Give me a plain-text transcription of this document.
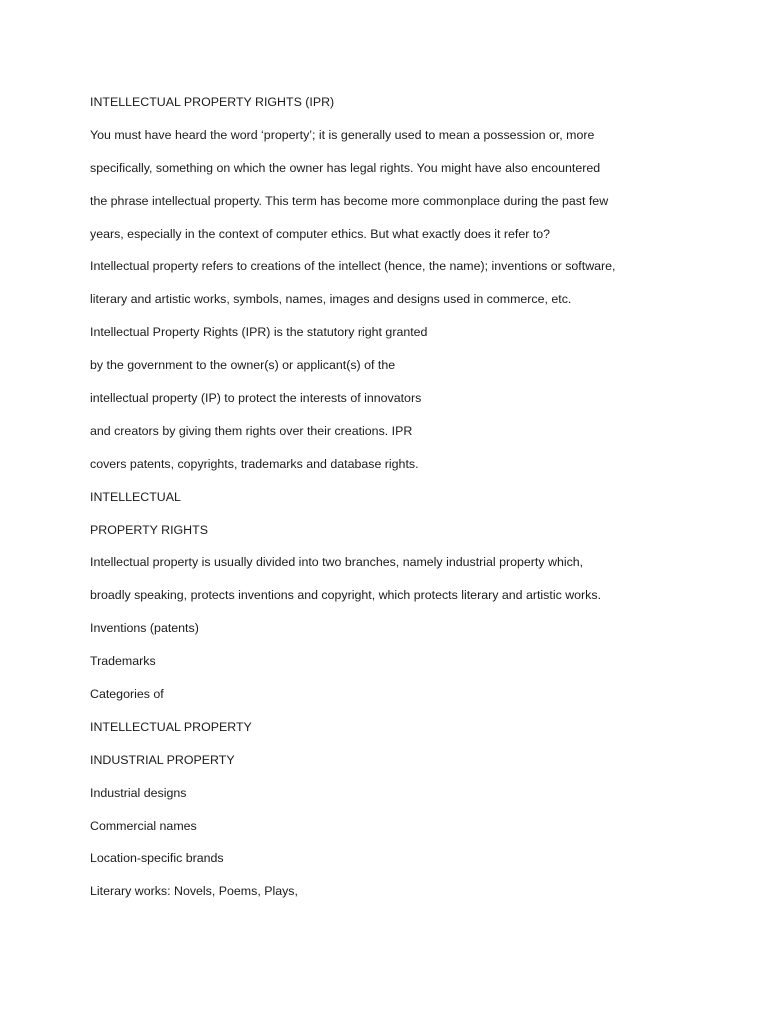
INTELLECTUAL PROPERTY RIGHTS (IPR)
You must have heard the word ‘property’; it is generally used to mean a possession or, more
specifically, something on which the owner has legal rights. You might have also encountered
the phrase intellectual property. This term has become more commonplace during the past few
years, especially in the context of computer ethics. But what exactly does it refer to?
Intellectual property refers to creations of the intellect (hence, the name); inventions or software,
literary and artistic works, symbols, names, images and designs used in commerce, etc.
Intellectual Property Rights (IPR) is the statutory right granted
by the government to the owner(s) or applicant(s) of the
intellectual property (IP) to protect the interests of innovators
and creators by giving them rights over their creations. IPR
covers patents, copyrights, trademarks and database rights.
INTELLECTUAL
PROPERTY RIGHTS
Intellectual property is usually divided into two branches, namely industrial property which,
broadly speaking, protects inventions and copyright, which protects literary and artistic works.
Inventions (patents)
Trademarks
Categories of
INTELLECTUAL PROPERTY
INDUSTRIAL PROPERTY
Industrial designs
Commercial names
Location-specific brands
Literary works: Novels, Poems, Plays,
